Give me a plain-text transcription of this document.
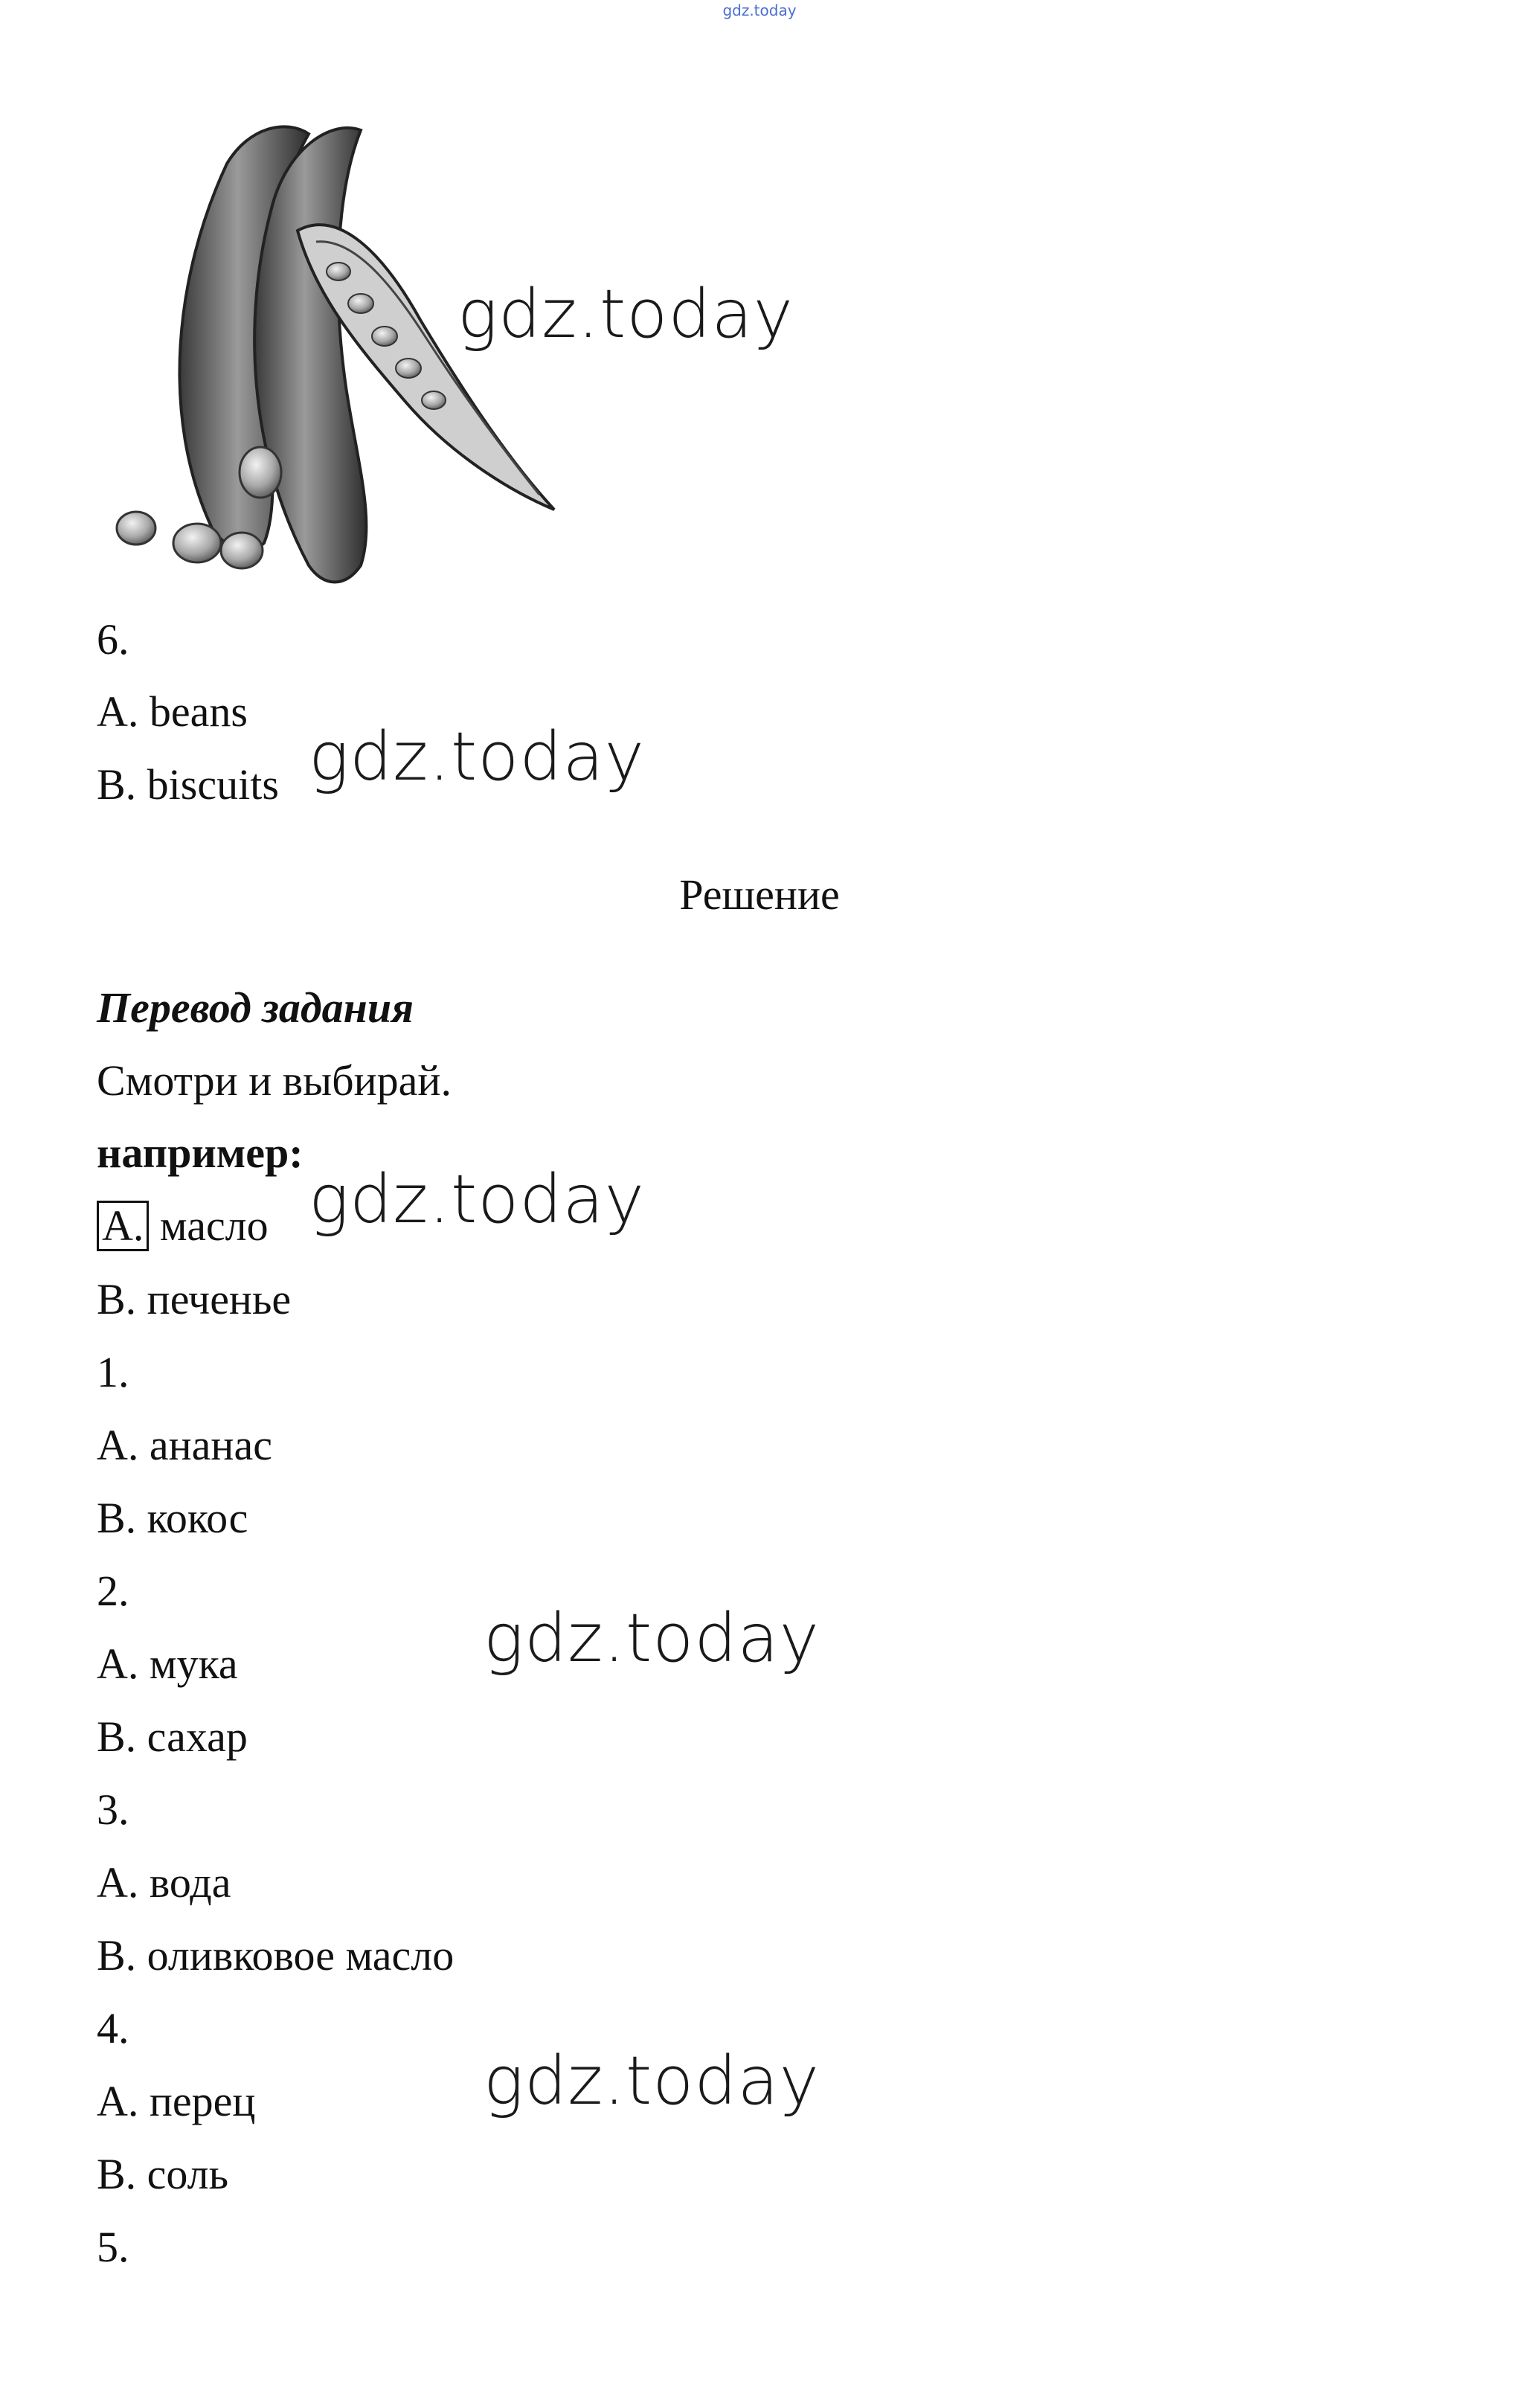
gdz.today
gdz.today
6.
A. beans
B. biscuits gdz.today
Решение
Перевод задания
Смотри и выбирай.
например:
A. масло gdz.today
B. печенье
1.
A. ананас
B. кокос
2.
A. мука	gdz.today
B. сахар
3.
A. вода
B. оливковое масло
4.
A. перец	gdz.today
B. соль
5.
